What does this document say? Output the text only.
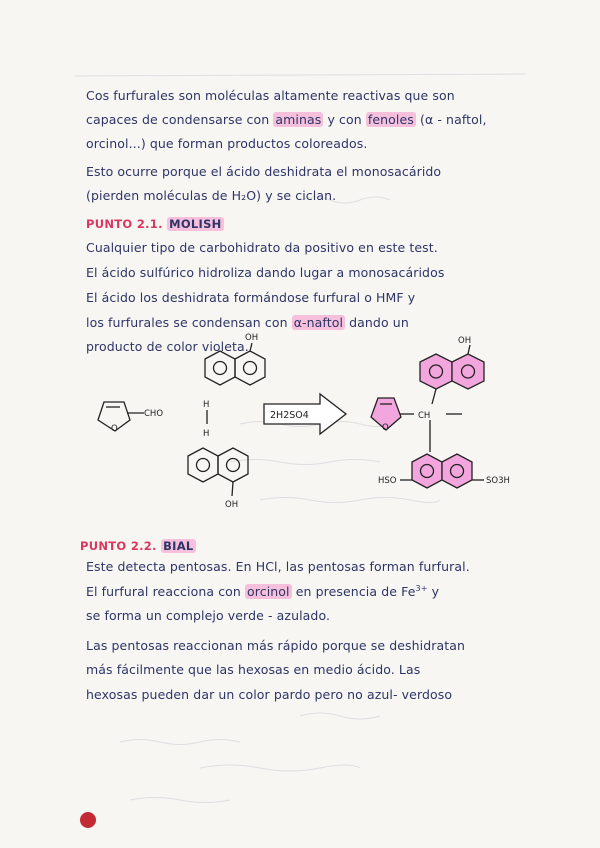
Cos furfurales son moléculas altamente reactivas que son
capaces de condensarse con aminas y con fenoles (α - naftol,
orcinol...) que forman productos coloreados.
Esto ocurre porque el ácido deshidrata el monosacárido
(pierden moléculas de H₂O) y se ciclan.
PUNTO 2.1. MOLISH
Cualquier tipo de carbohidrato da positivo en este test.
El ácido sulfúrico hidroliza dando lugar a monosacáridos
El ácido los deshidrata formándose furfural o HMF y
los furfurales se condensan con α-naftol dando un
producto de color violeta.
O
CHO
OH
H
H
OH
2H2SO4
OH
CH
O
HSO	SO3H
PUNTO 2.2. BIAL
Este detecta pentosas. En HCl, las pentosas forman furfural.
El furfural reacciona con orcinol en presencia de $Fe^{3+}$ y
se forma un complejo verde - azulado.
Las pentosas reaccionan más rápido porque se deshidratan
más fácilmente que las hexosas en medio ácido. Las
hexosas pueden dar un color pardo pero no azul- verdoso
